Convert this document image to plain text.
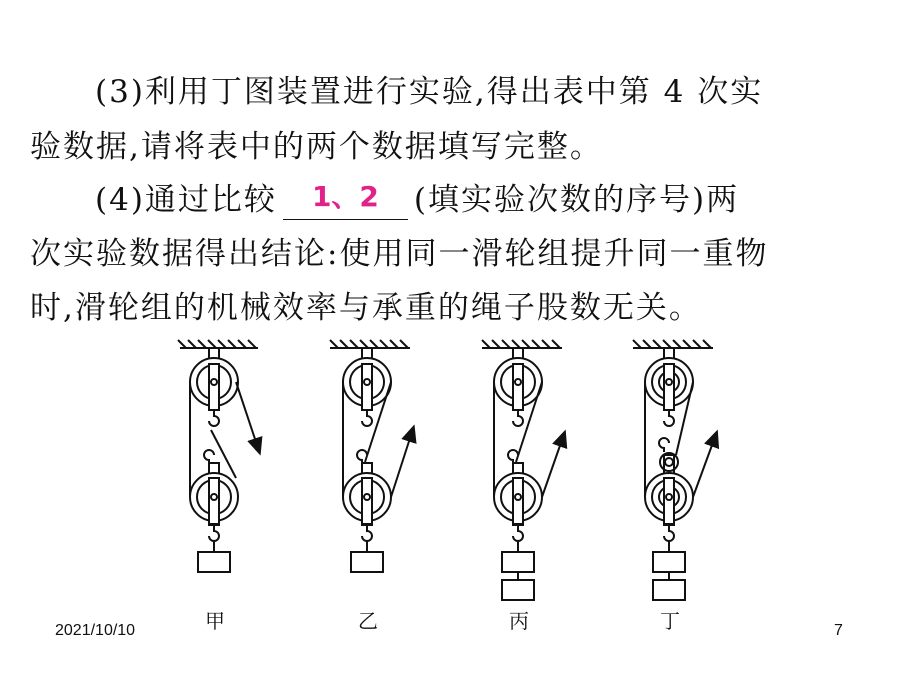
(3)利用丁图装置进行实验,得出表中第 4 次实
验数据,请将表中的两个数据填写完整。
(4)通过比较	1、2	(填实验次数的序号)两
次实验数据得出结论:使用同一滑轮组提升同一重物
时,滑轮组的机械效率与承重的绳子股数无关。
甲	乙	丙	丁
2021/10/10	7
